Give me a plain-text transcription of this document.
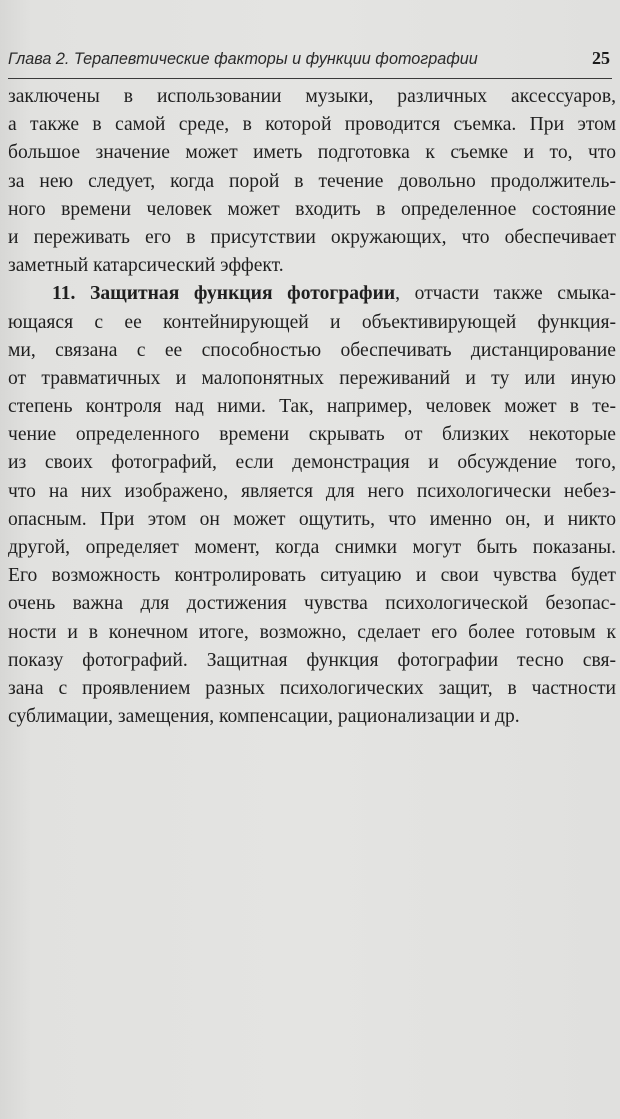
Глава 2. Терапевтические факторы и функции фотографии	25
заключены в использовании музыки, различных аксессуаров,
а также в самой среде, в которой проводится съемка. При этом
большое значение может иметь подготовка к съемке и то, что
за нею следует, когда порой в течение довольно продолжитель-
ного времени человек может входить в определенное состояние
и переживать его в присутствии окружающих, что обеспечивает
заметный катарсический эффект.
11. Защитная функция фотографии, отчасти также смыка-
ющаяся с ее контейнирующей и объективирующей функция-
ми, связана с ее способностью обеспечивать дистанцирование
от травматичных и малопонятных переживаний и ту или иную
степень контроля над ними. Так, например, человек может в те-
чение определенного времени скрывать от близких некоторые
из своих фотографий, если демонстрация и обсуждение того,
что на них изображено, является для него психологически небез-
опасным. При этом он может ощутить, что именно он, и никто
другой, определяет момент, когда снимки могут быть показаны.
Его возможность контролировать ситуацию и свои чувства будет
очень важна для достижения чувства психологической безопас-
ности и в конечном итоге, возможно, сделает его более готовым к
показу фотографий. Защитная функция фотографии тесно свя-
зана с проявлением разных психологических защит, в частности
сублимации, замещения, компенсации, рационализации и др.
